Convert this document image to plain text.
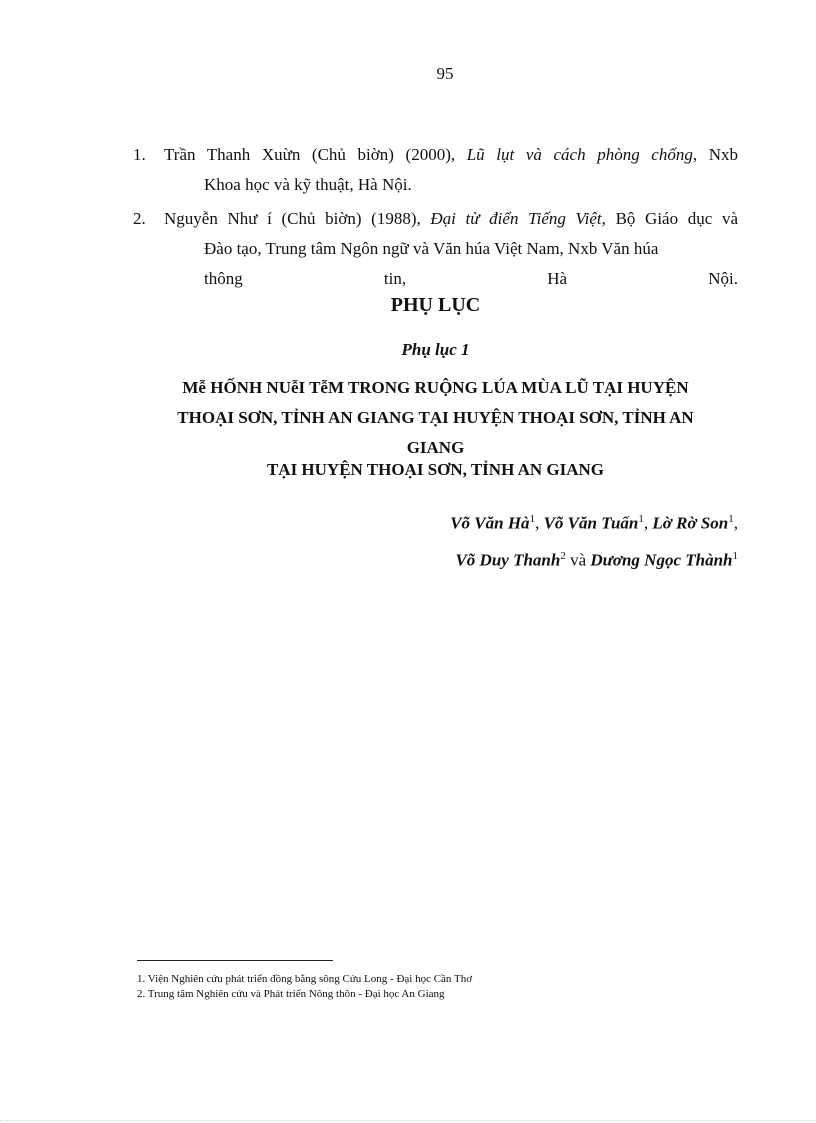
95
1. Trần Thanh Xuừn (Chủ biờn) (2000), Lũ lụt và cách phòng chống, Nxb
Khoa học và kỹ thuật, Hà Nội.
2. Nguyễn Như í (Chủ biờn) (1988), Đại từ điển Tiếng Việt, Bộ Giáo dục và
Đào tạo, Trung tâm Ngôn ngữ và Văn húa Việt Nam, Nxb Văn húa
thông tin, Hà Nội.
PHỤ LỤC
Phụ lục 1
Mễ HỐNH NUễI TễM TRONG RUỘNG LÚA MÙA LŨ TẠI HUYỆN
THOẠI SƠN, TỈNH AN GIANG TẠI HUYỆN THOẠI SƠN, TỈNH AN
GIANG
TẠI HUYỆN THOẠI SƠN, TỈNH AN GIANG
Võ Văn $Hà^1$, Võ Văn Tuấn$^1$, Lờ Rờ Son$^1$,
Võ Duy Thanh$^2$ và Dương Ngọc Thành$^1$
1. Viện Nghiên cứu phát triển đồng bằng sông Cửu Long - Đại học Cần Thơ
2. Trung tâm Nghiên cứu và Phát triển Nông thôn - Đại học An Giang
